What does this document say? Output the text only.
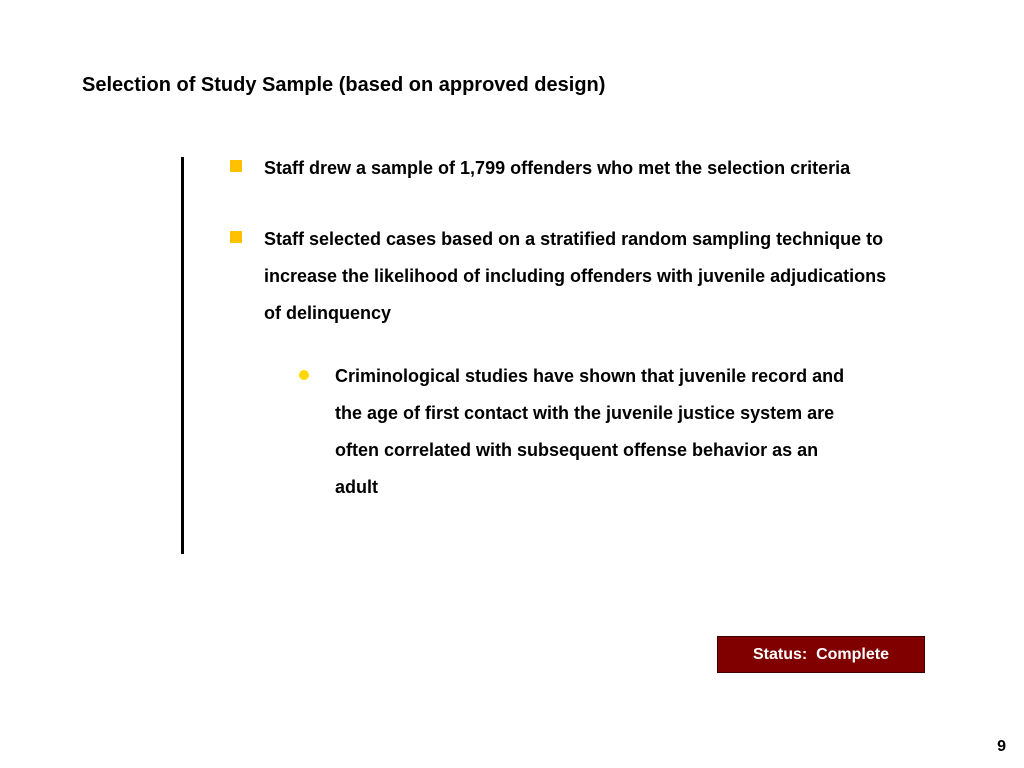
Selection of Study Sample (based on approved design)
Staff drew a sample of 1,799 offenders who met the selection criteria
Staff selected cases based on a stratified random sampling technique to increase the likelihood of including offenders with juvenile adjudications of delinquency
Criminological studies have shown that juvenile record and the age of first contact with the juvenile justice system are often correlated with subsequent offense behavior as an adult
Status:  Complete
9
